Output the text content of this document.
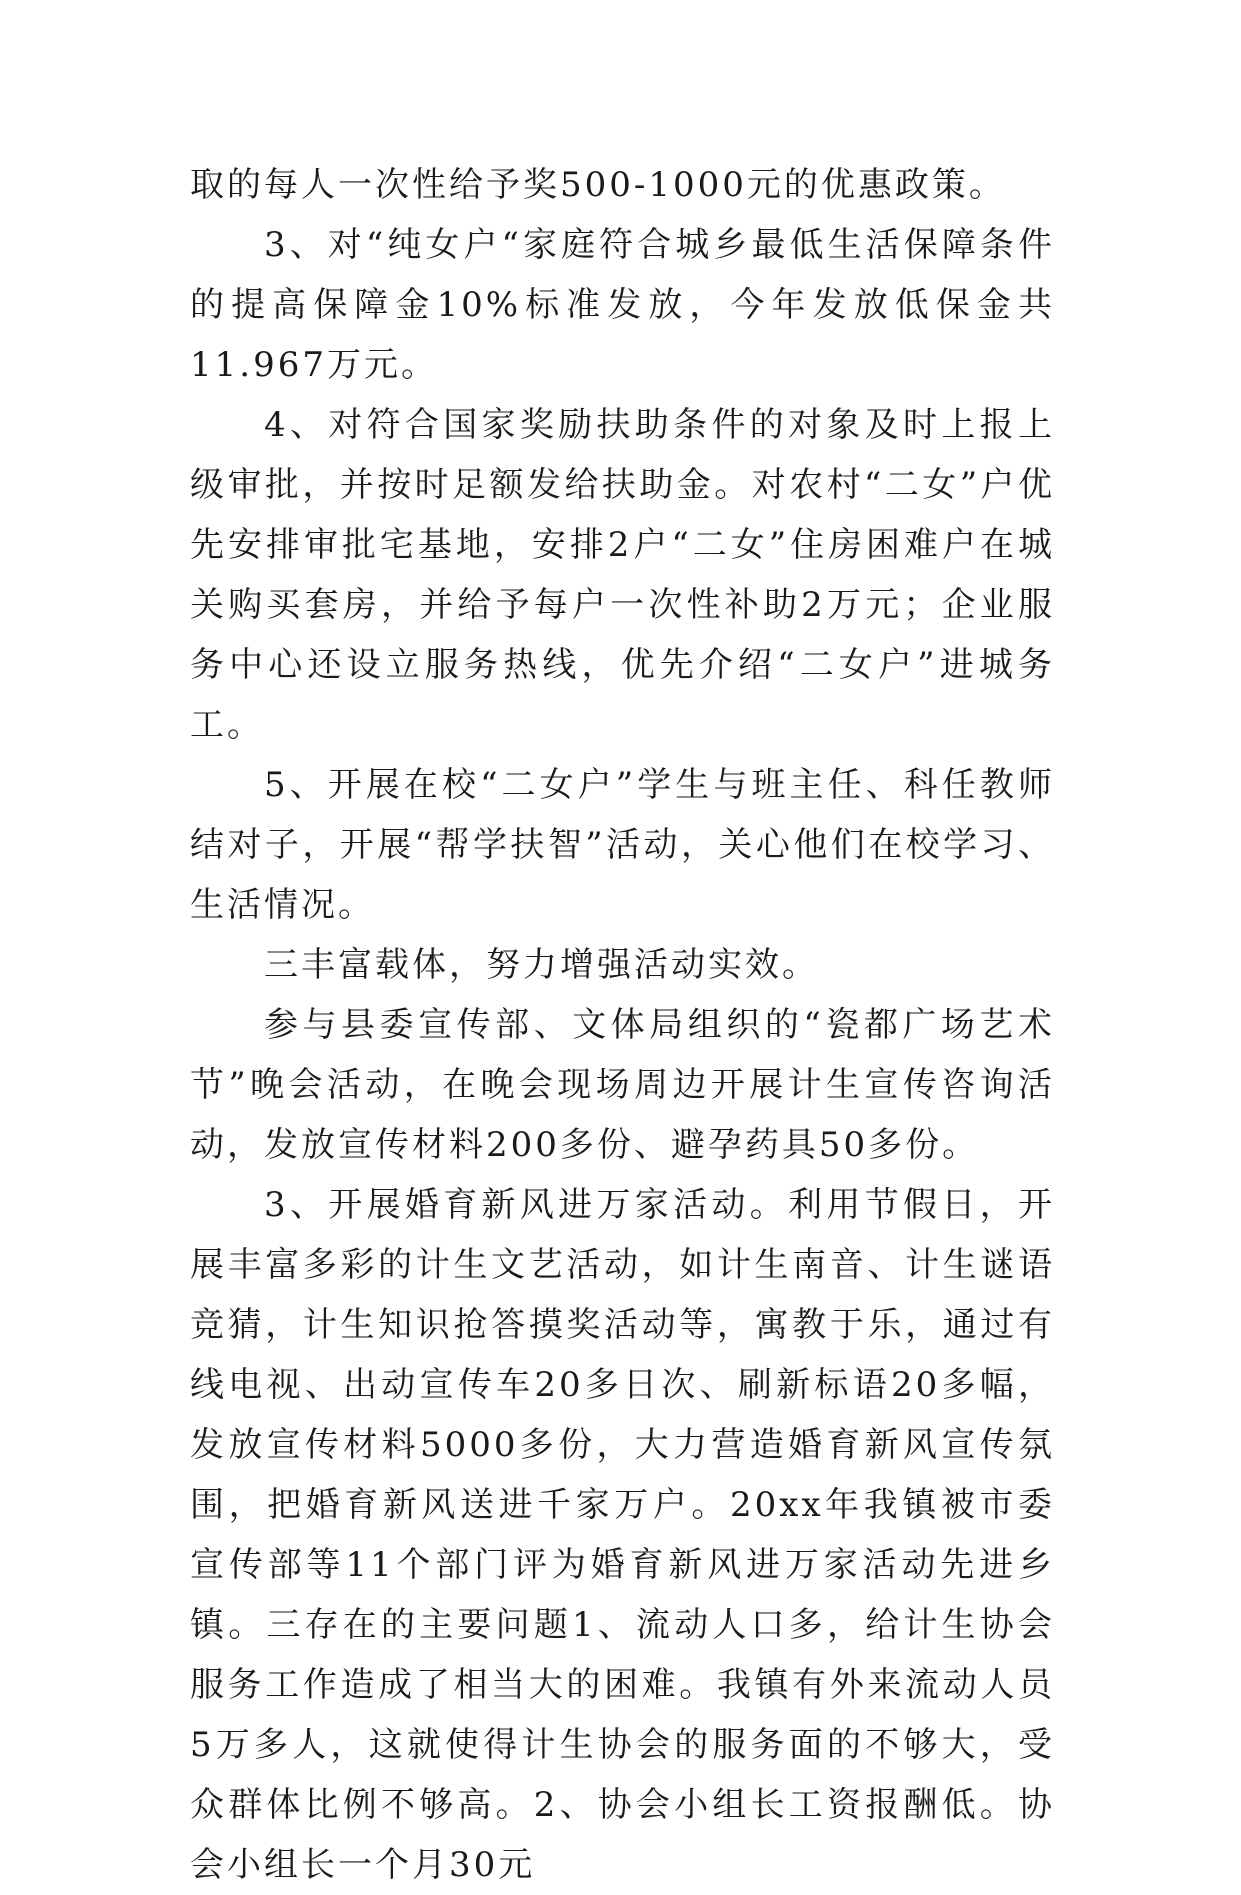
取的每人一次性给予奖500-1000元的优惠政策。

3、对“纯女户“家庭符合城乡最低生活保障条件的提高保障金10%标准发放，今年发放低保金共11.967万元。

4、对符合国家奖励扶助条件的对象及时上报上级审批，并按时足额发给扶助金。对农村“二女”户优先安排审批宅基地，安排2户“二女”住房困难户在城关购买套房，并给予每户一次性补助2万元；企业服务中心还设立服务热线，优先介绍“二女户”进城务工。

5、开展在校“二女户”学生与班主任、科任教师结对子，开展“帮学扶智”活动，关心他们在校学习、生活情况。

三丰富载体，努力增强活动实效。

参与县委宣传部、文体局组织的“瓷都广场艺术节”晚会活动，在晚会现场周边开展计生宣传咨询活动，发放宣传材料200多份、避孕药具50多份。

3、开展婚育新风进万家活动。利用节假日，开展丰富多彩的计生文艺活动，如计生南音、计生谜语竞猜，计生知识抢答摸奖活动等，寓教于乐，通过有线电视、出动宣传车20多日次、刷新标语20多幅，发放宣传材料5000多份，大力营造婚育新风宣传氛围，把婚育新风送进千家万户。20xx年我镇被市委宣传部等11个部门评为婚育新风进万家活动先进乡镇。三存在的主要问题1、流动人口多，给计生协会服务工作造成了相当大的困难。我镇有外来流动人员5万多人，这就使得计生协会的服务面的不够大，受众群体比例不够高。2、协会小组长工资报酬低。协会小组长一个月30元
